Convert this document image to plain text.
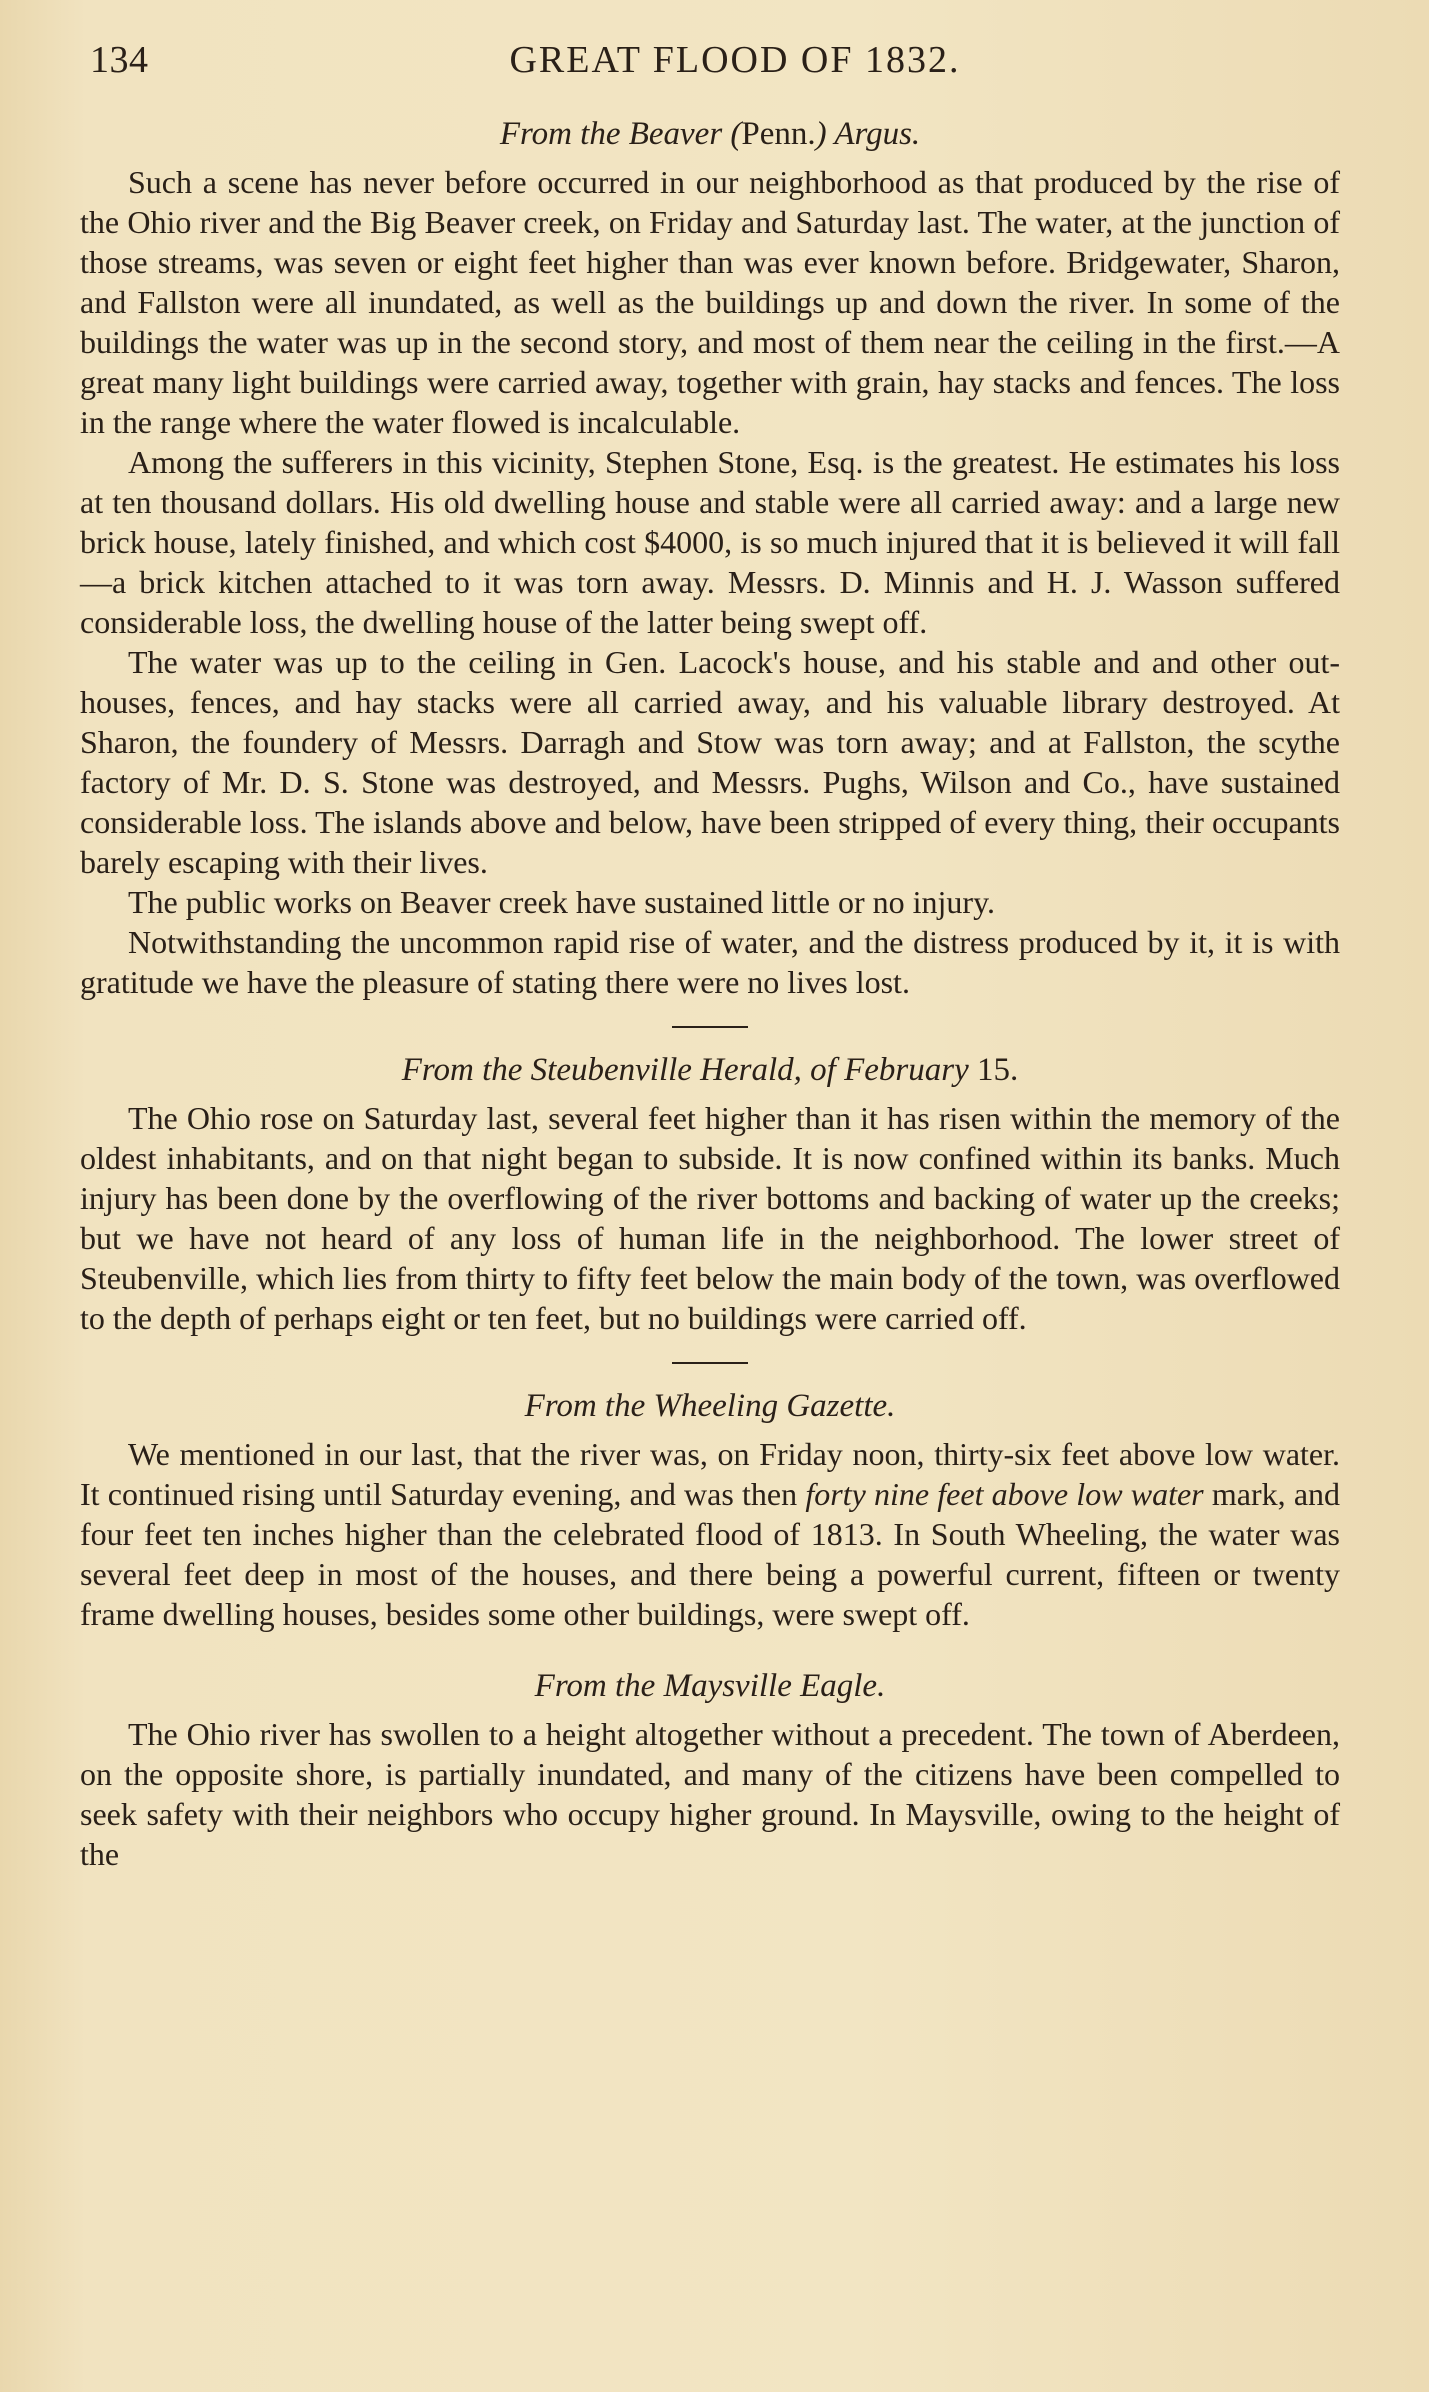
134	GREAT FLOOD OF 1832.
From the Beaver (Penn.) Argus.

Such a scene has never before occurred in our neighborhood as that produced by the rise of the Ohio river and the Big Beaver creek, on Friday and Saturday last. The water, at the junction of those streams, was seven or eight feet higher than was ever known before. Bridgewater, Sharon, and Fallston were all inundated, as well as the buildings up and down the river. In some of the buildings the water was up in the second story, and most of them near the ceiling in the first.—A great many light buildings were carried away, together with grain, hay stacks and fences. The loss in the range where the water flowed is incalculable.

Among the sufferers in this vicinity, Stephen Stone, Esq. is the greatest. He estimates his loss at ten thousand dollars. His old dwelling house and stable were all carried away: and a large new brick house, lately finished, and which cost $4000, is so much injured that it is believed it will fall—a brick kitchen attached to it was torn away. Messrs. D. Minnis and H. J. Wasson suffered considerable loss, the dwelling house of the latter being swept off.

The water was up to the ceiling in Gen. Lacock's house, and his stable and and other out-houses, fences, and hay stacks were all carried away, and his valuable library destroyed. At Sharon, the foundery of Messrs. Darragh and Stow was torn away; and at Fallston, the scythe factory of Mr. D. S. Stone was destroyed, and Messrs. Pughs, Wilson and Co., have sustained considerable loss. The islands above and below, have been stripped of every thing, their occupants barely escaping with their lives.

The public works on Beaver creek have sustained little or no injury.

Notwithstanding the uncommon rapid rise of water, and the distress produced by it, it is with gratitude we have the pleasure of stating there were no lives lost.

From the Steubenville Herald, of February 15.

The Ohio rose on Saturday last, several feet higher than it has risen within the memory of the oldest inhabitants, and on that night began to subside. It is now confined within its banks. Much injury has been done by the overflowing of the river bottoms and backing of water up the creeks; but we have not heard of any loss of human life in the neighborhood. The lower street of Steubenville, which lies from thirty to fifty feet below the main body of the town, was overflowed to the depth of perhaps eight or ten feet, but no buildings were carried off.

From the Wheeling Gazette.

We mentioned in our last, that the river was, on Friday noon, thirty-six feet above low water. It continued rising until Saturday evening, and was then forty nine feet above low water mark, and four feet ten inches higher than the celebrated flood of 1813. In South Wheeling, the water was several feet deep in most of the houses, and there being a powerful current, fifteen or twenty frame dwelling houses, besides some other buildings, were swept off.

From the Maysville Eagle.

The Ohio river has swollen to a height altogether without a precedent. The town of Aberdeen, on the opposite shore, is partially inundated, and many of the citizens have been compelled to seek safety with their neighbors who occupy higher ground. In Maysville, owing to the height of the
